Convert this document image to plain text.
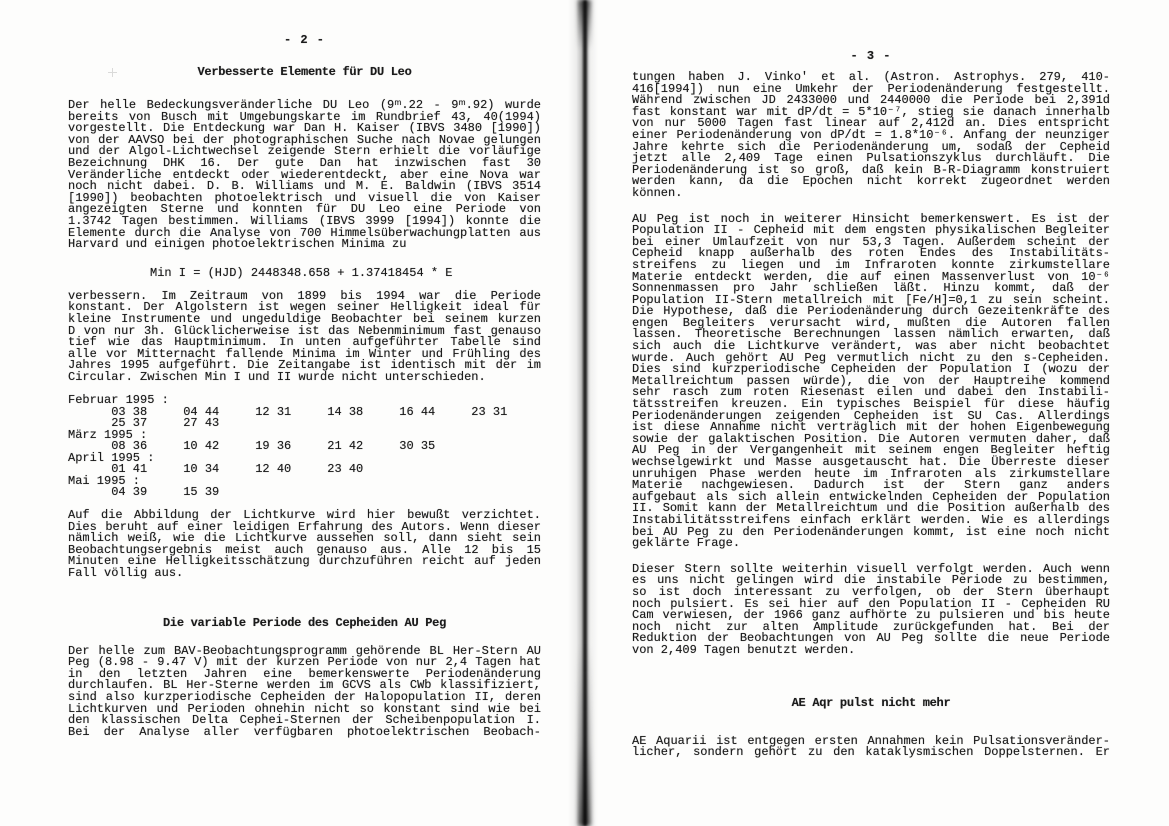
- 2 -
Verbesserte Elemente für DU Leo
Der helle Bedeckungsveränderliche DU Leo (9ᵐ.22 - 9ᵐ.92) wurde
bereits von Busch mit Umgebungskarte im Rundbrief 43, 40(1994)
vorgestellt. Die Entdeckung war Dan H. Kaiser (IBVS 3480 [1990])
von der AAVSO bei der photographischen Suche nach Novae gelungen
und der Algol-Lichtwechsel zeigende Stern erhielt die vorläufige
Bezeichnung DHK 16. Der gute Dan hat inzwischen fast 30
Veränderliche entdeckt oder wiederentdeckt, aber eine Nova war
noch nicht dabei. D. B. Williams und M. E. Baldwin (IBVS 3514
[1990]) beobachten photoelektrisch und visuell die von Kaiser
angezeigten Sterne und konnten für DU Leo eine Periode von
1.3742 Tagen bestimmen. Williams (IBVS 3999 [1994]) konnte die
Elemente durch die Analyse von 700 Himmelsüberwachungplatten aus
Harvard und einigen photoelektrischen Minima zu
Min I = (HJD) 2448348.658 + 1.37418454 * E
verbessern. Im Zeitraum von 1899 bis 1994 war die Periode
konstant. Der Algolstern ist wegen seiner Helligkeit ideal für
kleine Instrumente und ungeduldige Beobachter bei seinem kurzen
D von nur 3h. Glücklicherweise ist das Nebenminimum fast genauso
tief wie das Hauptminimum. In unten aufgeführter Tabelle sind
alle vor Mitternacht fallende Minima im Winter und Frühling des
Jahres 1995 aufgeführt. Die Zeitangabe ist identisch mit der im
Circular. Zwischen Min I und II wurde nicht unterschieden.
Februar 1995 :
03 38     04 44     12 31     14 38     16 44     23 31
25 37     27 43
März 1995 :
08 36     10 42     19 36     21 42     30 35
April 1995 :
01 41     10 34     12 40     23 40
Mai 1995 :
04 39     15 39
Auf die Abbildung der Lichtkurve wird hier bewußt verzichtet.
Dies beruht auf einer leidigen Erfahrung des Autors. Wenn dieser
nämlich weiß, wie die Lichtkurve aussehen soll, dann sieht sein
Beobachtungsergebnis meist auch genauso aus. Alle 12 bis 15
Minuten eine Helligkeitsschätzung durchzuführen reicht auf jeden
Fall völlig aus.
Die variable Periode des Cepheiden AU Peg
Der helle zum BAV-Beobachtungsprogramm gehörende BL Her-Stern AU
Peg (8.98 - 9.47 V) mit der kurzen Periode von nur 2,4 Tagen hat
in den letzten Jahren eine bemerkenswerte Periodenänderung
durchlaufen. BL Her-Sterne werden im GCVS als CWb klassifiziert,
sind also kurzperiodische Cepheiden der Halopopulation II, deren
Lichtkurven und Perioden ohnehin nicht so konstant sind wie bei
den klassischen Delta Cephei-Sternen der Scheibenpopulation I.
Bei der Analyse aller verfügbaren photoelektrischen Beobach-
- 3 -
tungen haben J. Vinko' et al. (Astron. Astrophys. 279, 410-
416[1994]) nun eine Umkehr der Periodenänderung festgestellt.
Während zwischen JD 2433000 und 2440000 die Periode bei 2,391d
fast konstant war mit dP/dt = 5*10⁻⁷, stieg sie danach innerhalb
von nur 5000 Tagen fast linear auf 2,412d an. Dies entspricht
einer Periodenänderung von dP/dt = 1.8*10⁻⁶. Anfang der neunziger
Jahre kehrte sich die Periodenänderung um, sodaß der Cepheid
jetzt alle 2,409 Tage einen Pulsationszyklus durchläuft. Die
Periodenänderung ist so groß, daß kein B-R-Diagramm konstruiert
werden kann, da die Epochen nicht korrekt zugeordnet werden
können.
AU Peg ist noch in weiterer Hinsicht bemerkenswert. Es ist der
Population II - Cepheid mit dem engsten physikalischen Begleiter
bei einer Umlaufzeit von nur 53,3 Tagen. Außerdem scheint der
Cepheid knapp außerhalb des roten Endes des Instabilitäts-
streifens zu liegen und im Infraroten konnte zirkumstellare
Materie entdeckt werden, die auf einen Massenverlust von 10⁻⁶
Sonnenmassen pro Jahr schließen läßt. Hinzu kommt, daß der
Population II-Stern metallreich mit [Fe/H]=0,1 zu sein scheint.
Die Hypothese, daß die Periodenänderung durch Gezeitenkräfte des
engen Begleiters verursacht wird, mußten die Autoren fallen
lassen. Theoretische Berechnungen lassen nämlich erwarten, daß
sich auch die Lichtkurve verändert, was aber nicht beobachtet
wurde. Auch gehört AU Peg vermutlich nicht zu den s-Cepheiden.
Dies sind kurzperiodische Cepheiden der Population I (wozu der
Metallreichtum passen würde), die von der Hauptreihe kommend
sehr rasch zum roten Riesenast eilen und dabei den Instabili-
tätsstreifen kreuzen. Ein typisches Beispiel für diese häufig
Periodenänderungen zeigenden Cepheiden ist SU Cas. Allerdings
ist diese Annahme nicht verträglich mit der hohen Eigenbewegung
sowie der galaktischen Position. Die Autoren vermuten daher, daß
AU Peg in der Vergangenheit mit seinem engen Begleiter heftig
wechselgewirkt und Masse ausgetauscht hat. Die Überreste dieser
unruhigen Phase werden heute im Infraroten als zirkumstellare
Materie nachgewiesen. Dadurch ist der Stern ganz anders
aufgebaut als sich allein entwickelnden Cepheiden der Population
II. Somit kann der Metallreichtum und die Position außerhalb des
Instabilitätsstreifens einfach erklärt werden. Wie es allerdings
bei AU Peg zu den Periodenänderungen kommt, ist eine noch nicht
geklärte Frage.
Dieser Stern sollte weiterhin visuell verfolgt werden. Auch wenn
es uns nicht gelingen wird die instabile Periode zu bestimmen,
so ist doch interessant zu verfolgen, ob der Stern überhaupt
noch pulsiert. Es sei hier auf den Population II - Cepheiden RU
Cam verwiesen, der 1966 ganz aufhörte zu pulsieren und bis heute
noch nicht zur alten Amplitude zurückgefunden hat. Bei der
Reduktion der Beobachtungen von AU Peg sollte die neue Periode
von 2,409 Tagen benutzt werden.
AE Aqr pulst nicht mehr
AE Aquarii ist entgegen ersten Annahmen kein Pulsationsveränder-
licher, sondern gehört zu den kataklysmischen Doppelsternen. Er
